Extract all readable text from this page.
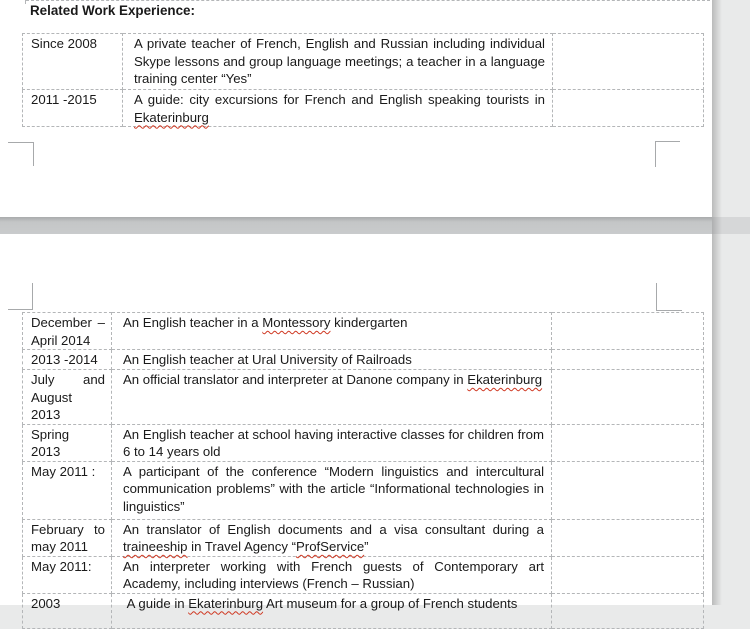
Related Work Experience:
Since 2008	A private teacher of French, English and Russian including individual Skype lessons and group language meetings; a teacher in a language training center “Yes”	

2011 -2015	A guide: city excursions for French and English speaking tourists in Ekaterinburg	
December –
April 2014	An English teacher in a Montessory kindergarten	

2013 -2014	An English teacher at Ural University of Railroads	

July and
August 2013	An official translator and interpreter at Danone company in Ekaterinburg	

Spring  2013	An English teacher at school having interactive classes for children from 6 to 14 years old	

May 2011 :	A participant of the conference “Modern linguistics and intercultural communication problems” with the article “Informational technologies in linguistics”	

February to
may 2011	An translator of English documents and a visa consultant during a traineeship in Travel Agency “ProfService”	

May 2011:	An interpreter working with French guests of Contemporary art Academy, including interviews (French – Russian)	

2003	A guide in Ekaterinburg Art museum for a group of French students	
